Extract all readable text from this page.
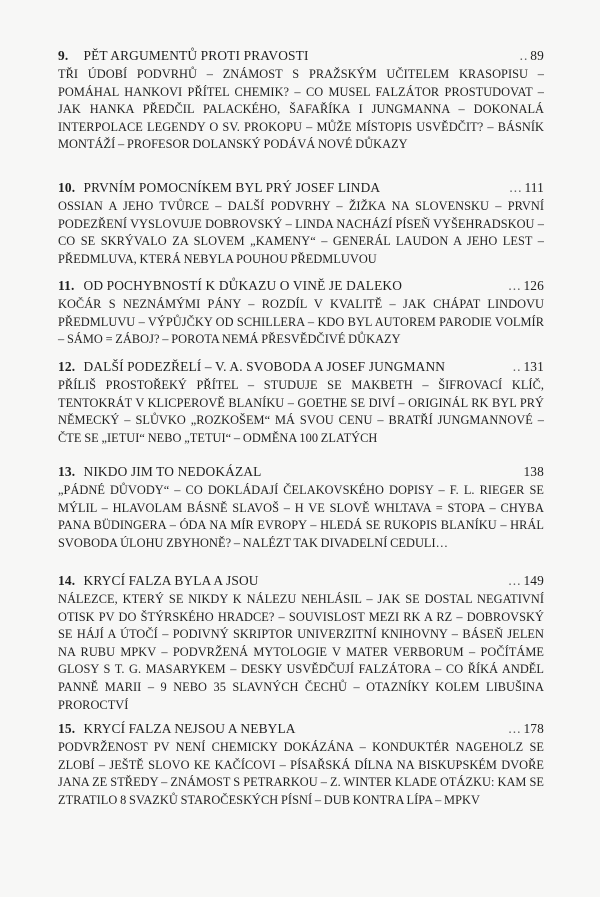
9. PĚT ARGUMENTŮ PROTI PRAVOSTI	.. 89
TŘI ÚDOBÍ PODVRHŮ – ZNÁMOST S PRAŽSKÝM UČITELEM KRASOPISU – POMÁHAL HANKOVI PŘÍTEL CHEMIK? – CO MUSEL FALZÁTOR PROSTUDOVAT – JAK HANKA PŘEDČIL PALACKÉHO, ŠAFAŘÍKA I JUNGMANNA – DOKONALÁ INTERPOLACE LEGENDY O SV. PROKOPU – MŮŽE MÍSTOPIS USVĚDČIT? – BÁSNÍK MONTÁŽÍ – PROFESOR DOLANSKÝ PODÁVÁ NOVÉ DŮKAZY
10. PRVNÍM POMOCNÍKEM BYL PRÝ JOSEF LINDA	... 111
OSSIAN A JEHO TVŮRCE – DALŠÍ PODVRHY – ŽIŽKA NA SLOVENSKU – PRVNÍ PODEZŘENÍ VYSLOVUJE DOBROVSKÝ – LINDA NACHÁZÍ PÍSEŇ VYŠEHRADSKOU – CO SE SKRÝVALO ZA SLOVEM „KAMENY“ – GENERÁL LAUDON A JEHO LEST – PŘEDMLUVA, KTERÁ NEBYLA POUHOU PŘEDMLUVOU
11. OD POCHYBNOSTÍ K DŮKAZU O VINĚ JE DALEKO	... 126
KOČÁR S NEZNÁMÝMI PÁNY – ROZDÍL V KVALITĚ – JAK CHÁPAT LINDOVU PŘEDMLUVU – VÝPŮJČKY OD SCHILLERA – KDO BYL AUTOREM PARODIE VOLMÍR – SÁMO = ZÁBOJ? – POROTA NEMÁ PŘESVĚDČIVÉ DŮKAZY
12. DALŠÍ PODEZŘELÍ – V. A. SVOBODA A JOSEF JUNGMANN	.. 131
PŘÍLIŠ PROSTOŘEKÝ PŘÍTEL – STUDUJE SE MAKBETH – ŠIFROVACÍ KLÍČ, TENTOKRÁT V KLICPEROVĚ BLANÍKU – GOETHE SE DIVÍ – ORIGINÁL RK BYL PRÝ NĚMECKÝ – SLŮVKO „ROZKOŠEM“ MÁ SVOU CENU – BRATŘÍ JUNGMANNOVÉ – ČTE SE „IETUI“ NEBO „TETUI“ – ODMĚNA 100 ZLATÝCH
13. NIKDO JIM TO NEDOKÁZAL	138
„PÁDNÉ DŮVODY“ – CO DOKLÁDAJÍ ČELAKOVSKÉHO DOPISY – F. L. RIEGER SE MÝLIL – HLAVOLAM BÁSNĚ SLAVOŠ – H VE SLOVĚ WHLTAVA = STOPA – CHYBA PANA BÜDINGERA – ÓDA NA MÍR EVROPY – HLEDÁ SE RUKOPIS BLANÍKU – HRÁL SVOBODA ÚLOHU ZBYHONĚ? – NALÉZT TAK DIVADELNÍ CEDULI…
14. KRYCÍ FALZA BYLA A JSOU	... 149
NÁLEZCE, KTERÝ SE NIKDY K NÁLEZU NEHLÁSIL – JAK SE DOSTAL NEGATIVNÍ OTISK PV DO ŠTÝRSKÉHO HRADCE? – SOUVISLOST MEZI RK A RZ – DOBROVSKÝ SE HÁJÍ A ÚTOČÍ – PODIVNÝ SKRIPTOR UNIVERZITNÍ KNIHOVNY – BÁSEŇ JELEN NA RUBU MPKV – PODVRŽENÁ MYTOLOGIE V MATER VERBORUM – POČÍTÁME GLOSY S T. G. MASARYKEM – DESKY USVĚDČUJÍ FALZÁTORA – CO ŘÍKÁ ANDĚL PANNĚ MARII – 9 NEBO 35 SLAVNÝCH ČECHŮ – OTAZNÍKY KOLEM LIBUŠINA PROROCTVÍ
15. KRYCÍ FALZA NEJSOU A NEBYLA	... 178
PODVRŽENOST PV NENÍ CHEMICKY DOKÁZÁNA – KONDUKTÉR NAGEHOLZ SE ZLOBÍ – JEŠTĚ SLOVO KE KAČÍCOVI – PÍSAŘSKÁ DÍLNA NA BISKUPSKÉM DVOŘE JANA ZE STŘEDY – ZNÁMOST S PETRARKOU – Z. WINTER KLADE OTÁZKU: KAM SE ZTRATILO 8 SVAZKŮ STAROČESKÝCH PÍSNÍ – DUB KONTRA LÍPA – MPKV
